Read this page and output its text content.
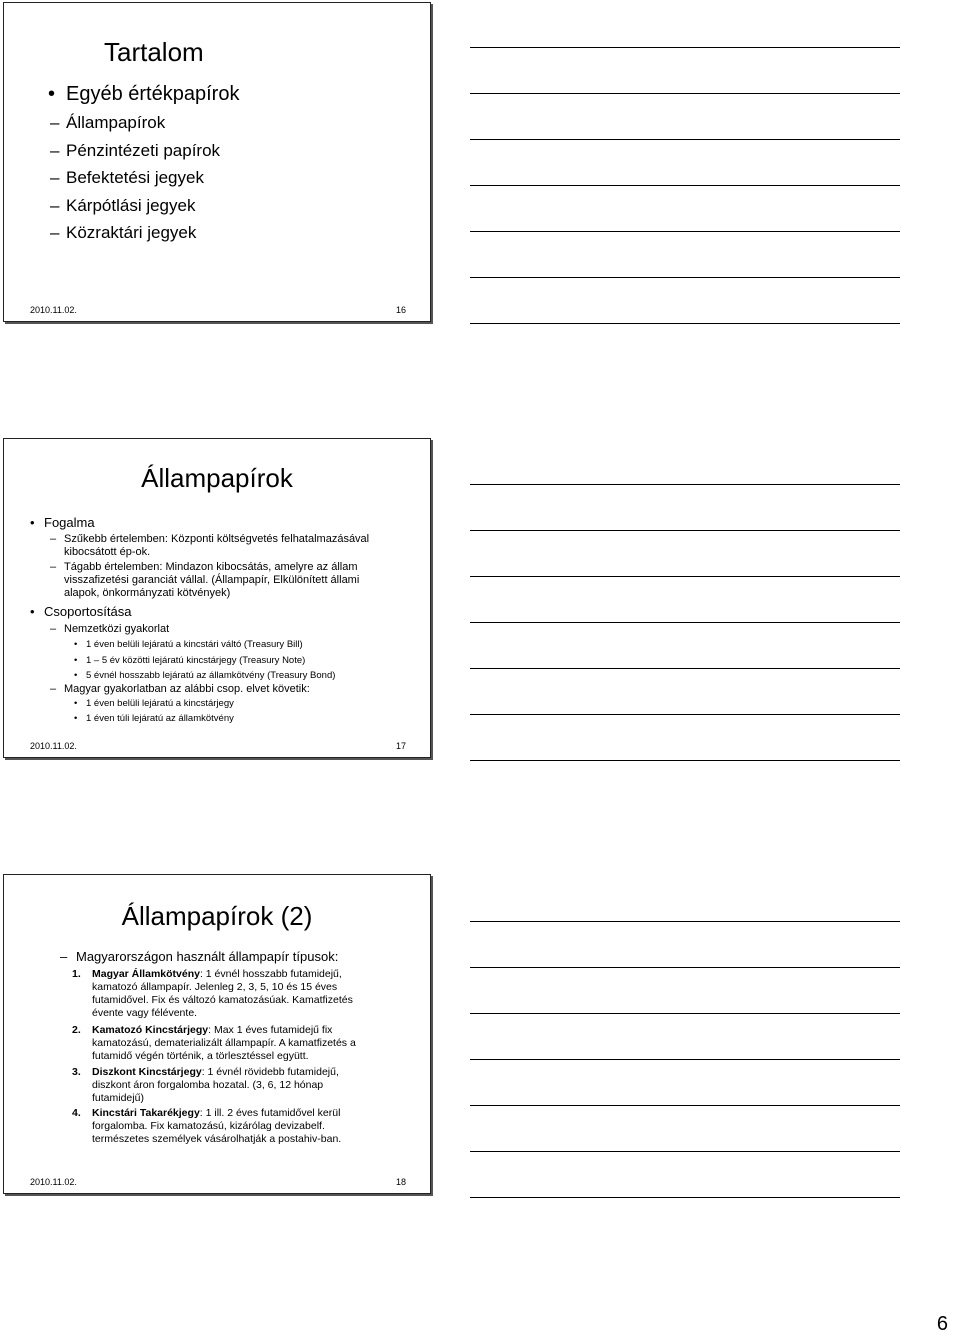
Tartalom
• Egyéb értékpapírok
– Állampapírok
– Pénzintézeti papírok
– Befektetési jegyek
– Kárpótlási jegyek
– Közraktári jegyek
2010.11.02.	16
Állampapírok
• Fogalma
– Szűkebb értelemben: Központi költségvetés felhatalmazásával
kibocsátott ép-ok.
– Tágabb értelemben: Mindazon kibocsátás, amelyre az állam
visszafizetési garanciát vállal. (Állampapír, Elkülönített állami
alapok, önkormányzati kötvények)
• Csoportosítása
– Nemzetközi gyakorlat
• 1 éven belüli lejáratú a kincstári váltó (Treasury Bill)
• 1 – 5 év közötti lejáratú kincstárjegy (Treasury Note)
• 5 évnél hosszabb lejáratú az államkötvény (Treasury Bond)
– Magyar gyakorlatban az alábbi csop. elvet követik:
• 1 éven belüli lejáratú a kincstárjegy
• 1 éven túli lejáratú az államkötvény
2010.11.02.	17
Állampapírok (2)
– Magyarországon használt állampapír típusok:
1. Magyar Államkötvény: 1 évnél hosszabb futamidejű,
kamatozó állampapír. Jelenleg 2, 3, 5, 10 és 15 éves
futamidővel. Fix és változó kamatozásúak. Kamatfizetés
évente vagy félévente.
2. Kamatozó Kincstárjegy: Max 1 éves futamidejű fix
kamatozású, dematerializált állampapír. A kamatfizetés a
futamidő végén történik, a törlesztéssel együtt.
3. Diszkont Kincstárjegy: 1 évnél rövidebb futamidejű,
diszkont áron forgalomba hozatal. (3, 6, 12 hónap
futamidejű)
4. Kincstári Takarékjegy: 1 ill. 2 éves futamidővel kerül
forgalomba. Fix kamatozású, kizárólag devizabelf.
természetes személyek vásárolhatják a postahiv-ban.
2010.11.02.	18
6
